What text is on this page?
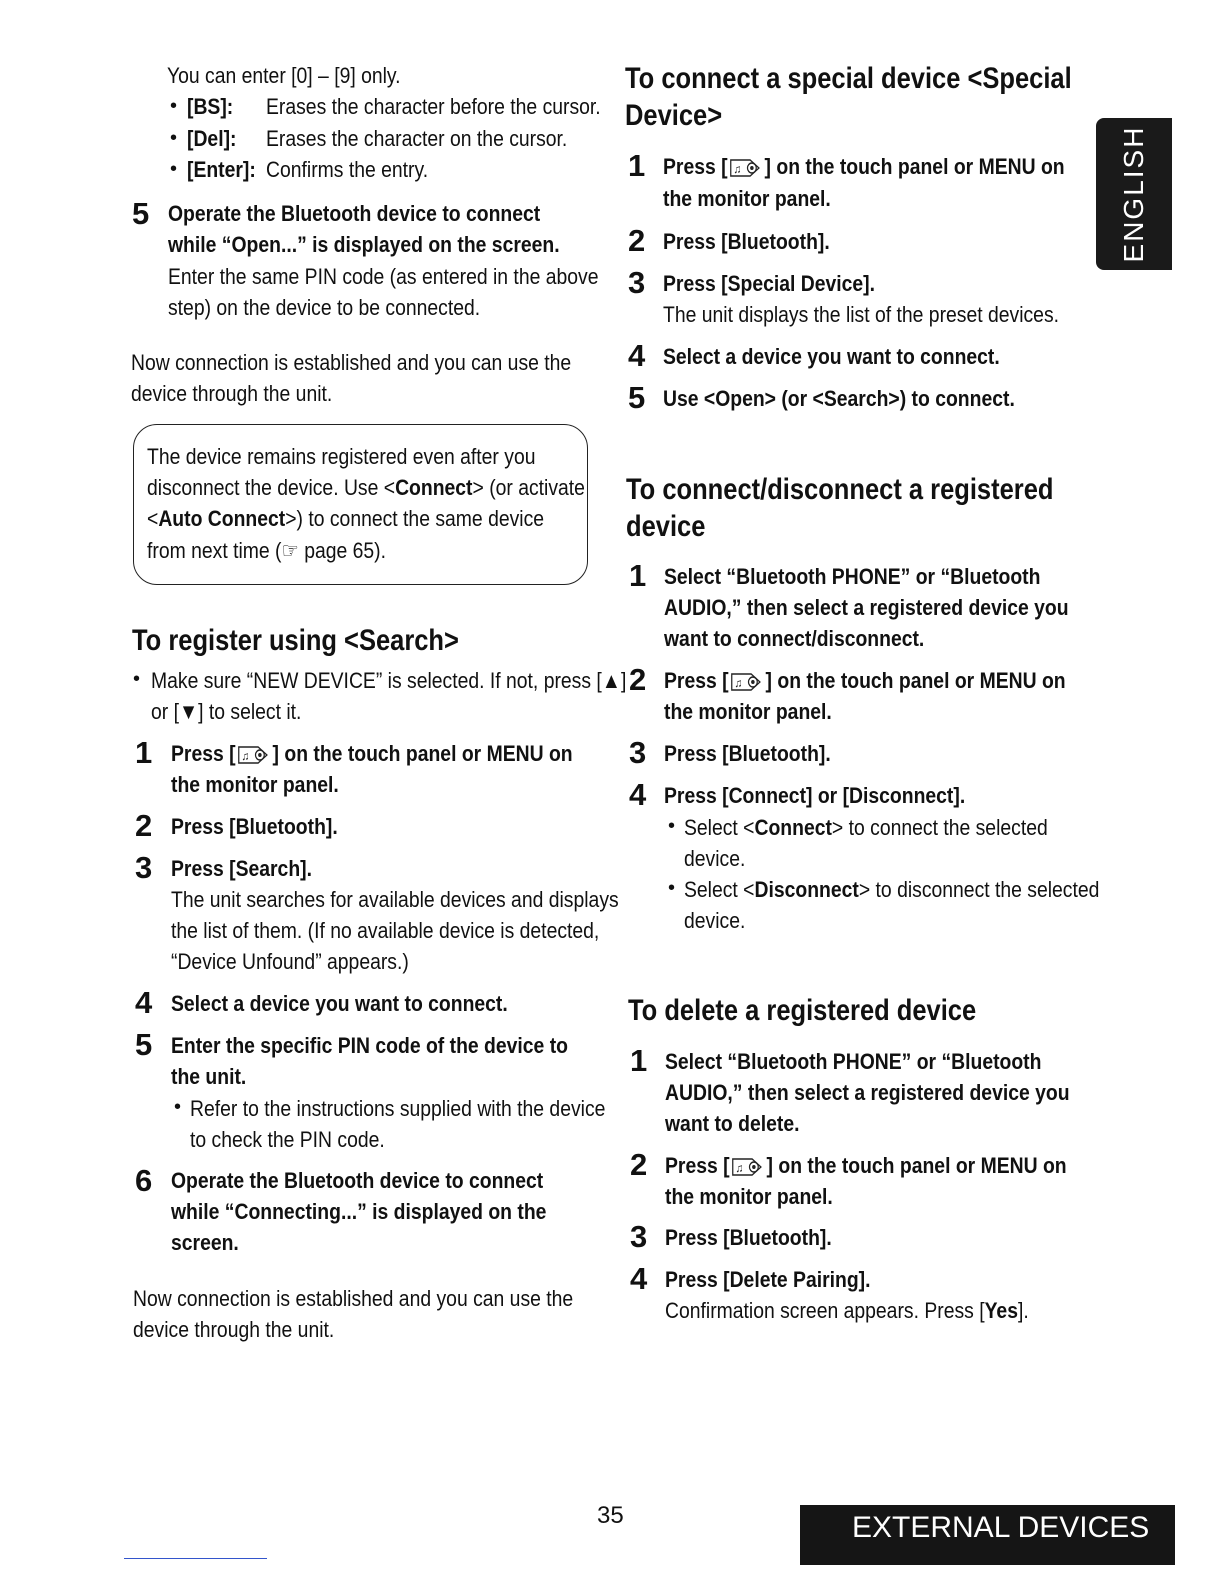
You can enter [0] – [9] only.
• [BS]: Erases the character before the cursor.
• [Del]: Erases the character on the cursor.
• [Enter]: Confirms the entry.
5 Operate the Bluetooth device to connect
while “Open...” is displayed on the screen.
Enter the same PIN code (as entered in the above
step) on the device to be connected.
Now connection is established and you can use the
device through the unit.
The device remains registered even after you
disconnect the device. Use <Connect> (or activate
<Auto Connect>) to connect the same device
from next time (☞ page 65).
To register using <Search>
• Make sure “NEW DEVICE” is selected. If not, press [▲]
or [▼] to select it.
1 Press [ ] on the touch panel or MENU on
the monitor panel.
2 Press [Bluetooth].
3 Press [Search].
The unit searches for available devices and displays
the list of them. (If no available device is detected,
“Device Unfound” appears.)
4 Select a device you want to connect.
5 Enter the specific PIN code of the device to
the unit.
• Refer to the instructions supplied with the device
to check the PIN code.
6 Operate the Bluetooth device to connect
while “Connecting...” is displayed on the
screen.
Now connection is established and you can use the
device through the unit.
To connect a special device <Special
Device>
1 Press [ ] on the touch panel or MENU on
the monitor panel.
2 Press [Bluetooth].
3 Press [Special Device].
The unit displays the list of the preset devices.
4 Select a device you want to connect.
5 Use <Open> (or <Search>) to connect.
To connect/disconnect a registered
device
1 Select “Bluetooth PHONE” or “Bluetooth
AUDIO,” then select a registered device you
want to connect/disconnect.
2 Press [ ] on the touch panel or MENU on
the monitor panel.
3 Press [Bluetooth].
4 Press [Connect] or [Disconnect].
• Select <Connect> to connect the selected
device.
• Select <Disconnect> to disconnect the selected
device.
To delete a registered device
1 Select “Bluetooth PHONE” or “Bluetooth
AUDIO,” then select a registered device you
want to delete.
2 Press [ ] on the touch panel or MENU on
the monitor panel.
3 Press [Bluetooth].
4 Press [Delete Pairing].
Confirmation screen appears. Press [Yes].
ENGLISH
35	EXTERNAL DEVICES
